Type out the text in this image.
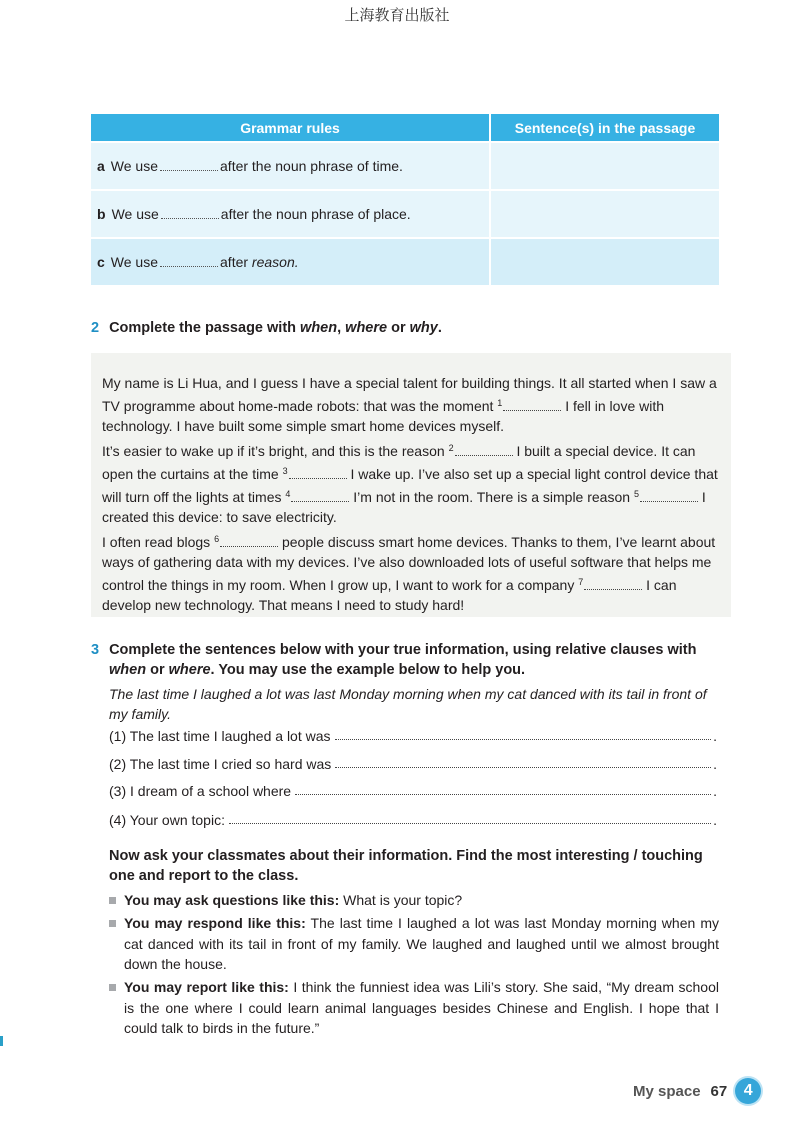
上海教育出版社
Grammar rules	Sentence(s) in the passage
a We use after the noun phrase of time.	
b We use after the noun phrase of place.	
c We use after reason.	
2 Complete the passage with when, where or why.

My name is Li Hua, and I guess I have a special talent for building things. It all started when I saw a TV programme about home-made robots: that was the moment $^1$	I fell in love with technology. I have built some simple smart home devices myself.

It’s easier to wake up if it’s bright, and this is the reason $^2$	I built a special device. It can open the curtains at the time $^3$	I wake up. I’ve also set up a special light control device that will turn off the lights at times $^4$	I’m not in the room. There is a simple reason $^5$	I created this device: to save electricity.

I often read blogs $^6$	people discuss smart home devices. Thanks to them, I’ve learnt about ways of gathering data with my devices. I’ve also downloaded lots of useful software that helps me control the things in my room. When I grow up, I want to work for a company $^7$	I can develop new technology. That means I need to study hard!

3 Complete the sentences below with your true information, using relative clauses with
when or where. You may use the example below to help you.
The last time I laughed a lot was last Monday morning when my cat danced with its tail in front of my family.
(1) The last time I laughed a lot was	.
(2) The last time I cried so hard was	.
(3) I dream of a school where	.
(4) Your own topic:	.
Now ask your classmates about their information. Find the most interesting / touching one and report to the class.
You may ask questions like this: What is your topic?
You may respond like this: The last time I laughed a lot was last Monday morning when my cat danced with its tail in front of my family. We laughed and laughed until we almost brought down the house.
You may report like this: I think the funniest idea was Lili’s story. She said, “My dream school is the one where I could learn animal languages besides Chinese and English. I hope that I could talk to birds in the future.”
My space 67	4
